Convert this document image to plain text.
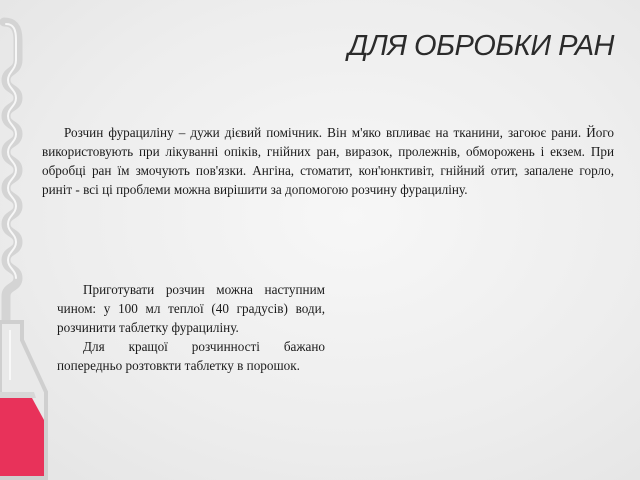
ДЛЯ ОБРОБКИ РАН

Розчин фурациліну – дужи дієвий помічник. Він м'яко впливає на тканини, загоює рани. Його використовують при лікуванні опіків, гнійних ран, виразок, пролежнів, обморожень і екзем. При обробці ран їм змочують пов'язки. Ангіна, стоматит, кон'юнктивіт, гнійний отит, запалене горло, риніт - всі ці проблеми можна вирішити за допомогою розчину фурациліну.

Приготувати розчин можна наступним чином: у 100 мл теплої (40 градусів) води, розчинити таблетку фурациліну.

Для кращої розчинності бажано попередньо розтовкти таблетку в порошок.
